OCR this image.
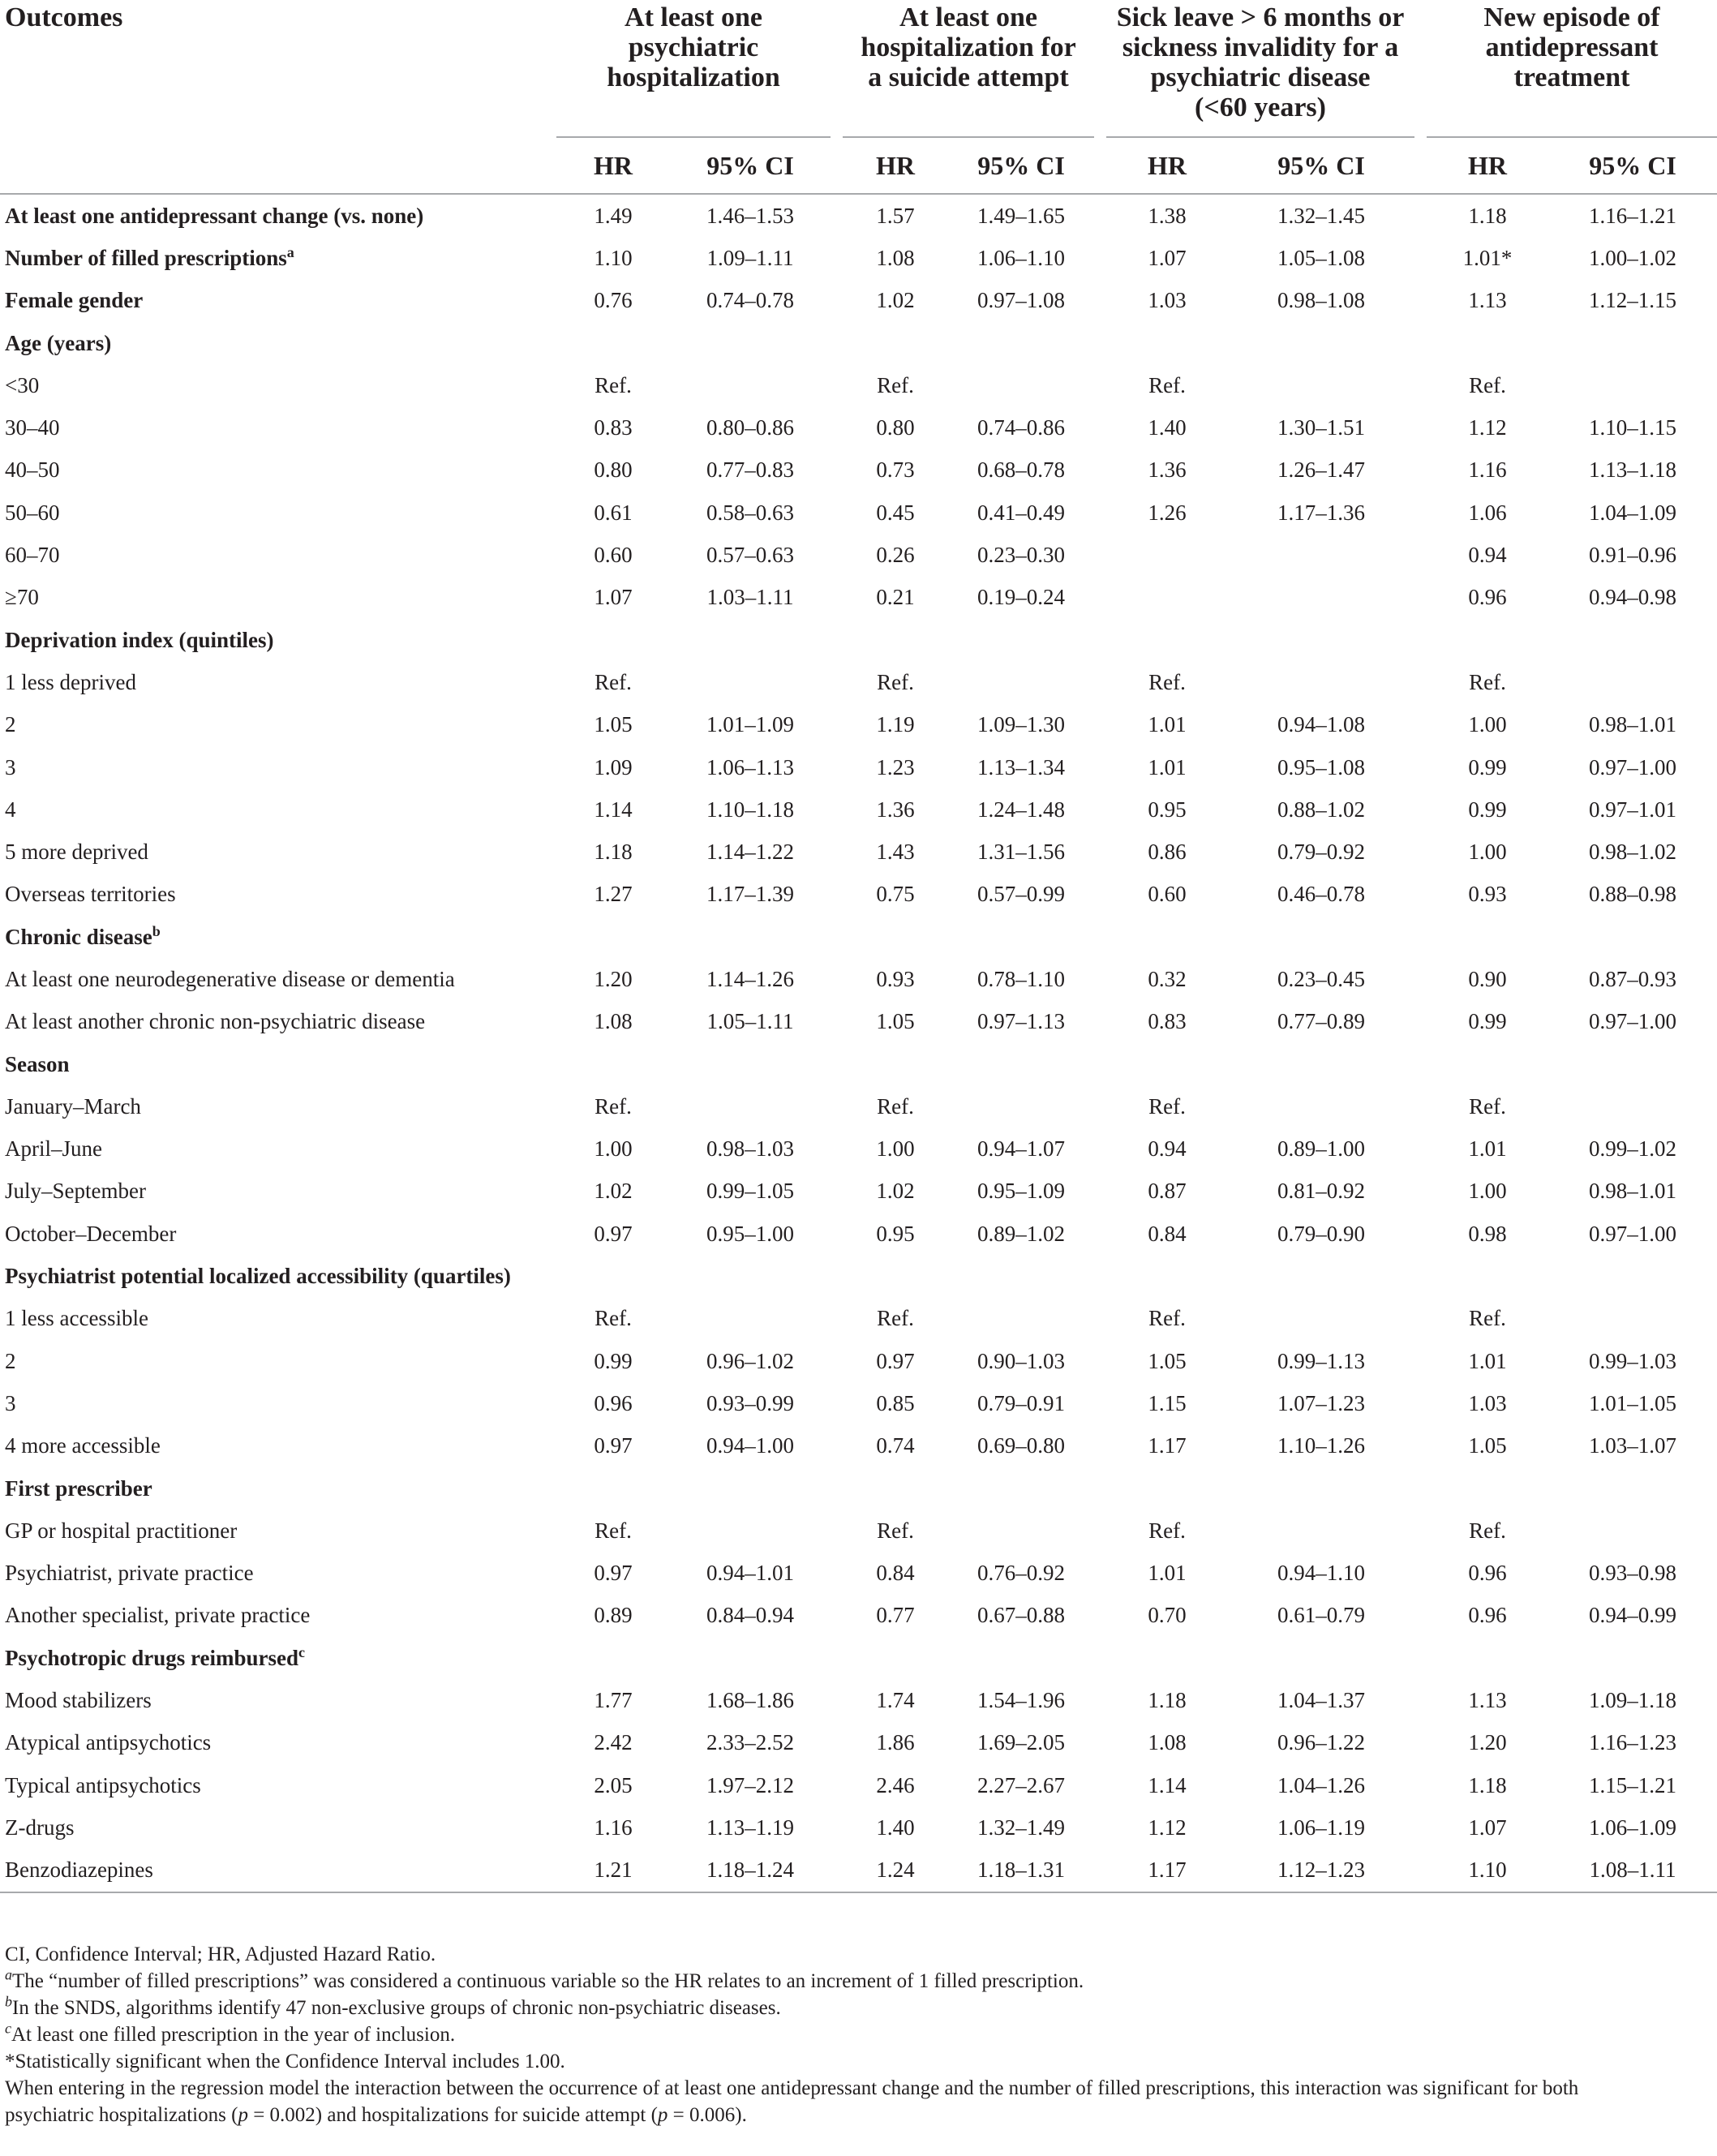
Outcomes	At least one
psychiatric
hospitalization			At least one
hospitalization for
a suicide attempt			Sick leave > 6 months or
sickness invalidity for a
psychiatric disease
(<60 years)			New episode of
antidepressant
treatment	
	HR	95% CI		HR	95% CI		HR	95% CI		HR	95% CI
At least one antidepressant change (vs. none)	1.49	1.46–1.53		1.57	1.49–1.65		1.38	1.32–1.45		1.18	1.16–1.21
Number of filled prescriptions$^a$	1.10	1.09–1.11		1.08	1.06–1.10		1.07	1.05–1.08		1.01*	1.00–1.02
Female gender	0.76	0.74–0.78		1.02	0.97–1.08		1.03	0.98–1.08		1.13	1.12–1.15
Age (years)											
<30	Ref.			Ref.			Ref.			Ref.	
30–40	0.83	0.80–0.86		0.80	0.74–0.86		1.40	1.30–1.51		1.12	1.10–1.15
40–50	0.80	0.77–0.83		0.73	0.68–0.78		1.36	1.26–1.47		1.16	1.13–1.18
50–60	0.61	0.58–0.63		0.45	0.41–0.49		1.26	1.17–1.36		1.06	1.04–1.09
60–70	0.60	0.57–0.63		0.26	0.23–0.30					0.94	0.91–0.96
≥70	1.07	1.03–1.11		0.21	0.19–0.24					0.96	0.94–0.98
Deprivation index (quintiles)											
1 less deprived	Ref.			Ref.			Ref.			Ref.	
2	1.05	1.01–1.09		1.19	1.09–1.30		1.01	0.94–1.08		1.00	0.98–1.01
3	1.09	1.06–1.13		1.23	1.13–1.34		1.01	0.95–1.08		0.99	0.97–1.00
4	1.14	1.10–1.18		1.36	1.24–1.48		0.95	0.88–1.02		0.99	0.97–1.01
5 more deprived	1.18	1.14–1.22		1.43	1.31–1.56		0.86	0.79–0.92		1.00	0.98–1.02
Overseas territories	1.27	1.17–1.39		0.75	0.57–0.99		0.60	0.46–0.78		0.93	0.88–0.98
Chronic disease$^b$											
At least one neurodegenerative disease or dementia	1.20	1.14–1.26		0.93	0.78–1.10		0.32	0.23–0.45		0.90	0.87–0.93
At least another chronic non-psychiatric disease	1.08	1.05–1.11		1.05	0.97–1.13		0.83	0.77–0.89		0.99	0.97–1.00
Season											
January–March	Ref.			Ref.			Ref.			Ref.	
April–June	1.00	0.98–1.03		1.00	0.94–1.07		0.94	0.89–1.00		1.01	0.99–1.02
July–September	1.02	0.99–1.05		1.02	0.95–1.09		0.87	0.81–0.92		1.00	0.98–1.01
October–December	0.97	0.95–1.00		0.95	0.89–1.02		0.84	0.79–0.90		0.98	0.97–1.00
Psychiatrist potential localized accessibility (quartiles)											
1 less accessible	Ref.			Ref.			Ref.			Ref.	
2	0.99	0.96–1.02		0.97	0.90–1.03		1.05	0.99–1.13		1.01	0.99–1.03
3	0.96	0.93–0.99		0.85	0.79–0.91		1.15	1.07–1.23		1.03	1.01–1.05
4 more accessible	0.97	0.94–1.00		0.74	0.69–0.80		1.17	1.10–1.26		1.05	1.03–1.07
First prescriber											
GP or hospital practitioner	Ref.			Ref.			Ref.			Ref.	
Psychiatrist, private practice	0.97	0.94–1.01		0.84	0.76–0.92		1.01	0.94–1.10		0.96	0.93–0.98
Another specialist, private practice	0.89	0.84–0.94		0.77	0.67–0.88		0.70	0.61–0.79		0.96	0.94–0.99
Psychotropic drugs reimbursed$^c$											
Mood stabilizers	1.77	1.68–1.86		1.74	1.54–1.96		1.18	1.04–1.37		1.13	1.09–1.18
Atypical antipsychotics	2.42	2.33–2.52		1.86	1.69–2.05		1.08	0.96–1.22		1.20	1.16–1.23
Typical antipsychotics	2.05	1.97–2.12		2.46	2.27–2.67		1.14	1.04–1.26		1.18	1.15–1.21
Z-drugs	1.16	1.13–1.19		1.40	1.32–1.49		1.12	1.06–1.19		1.07	1.06–1.09
Benzodiazepines	1.21	1.18–1.24		1.24	1.18–1.31		1.17	1.12–1.23		1.10	1.08–1.11
CI, Confidence Interval; HR, Adjusted Hazard Ratio.
$^a$The “number of filled prescriptions” was considered a continuous variable so the HR relates to an increment of 1 filled prescription.
$^b$In the SNDS, algorithms identify 47 non-exclusive groups of chronic non-psychiatric diseases.
$^c$At least one filled prescription in the year of inclusion.
*Statistically significant when the Confidence Interval includes 1.00.
When entering in the regression model the interaction between the occurrence of at least one antidepressant change and the number of filled prescriptions, this interaction was significant for both
psychiatric hospitalizations (p = 0.002) and hospitalizations for suicide attempt (p = 0.006).
